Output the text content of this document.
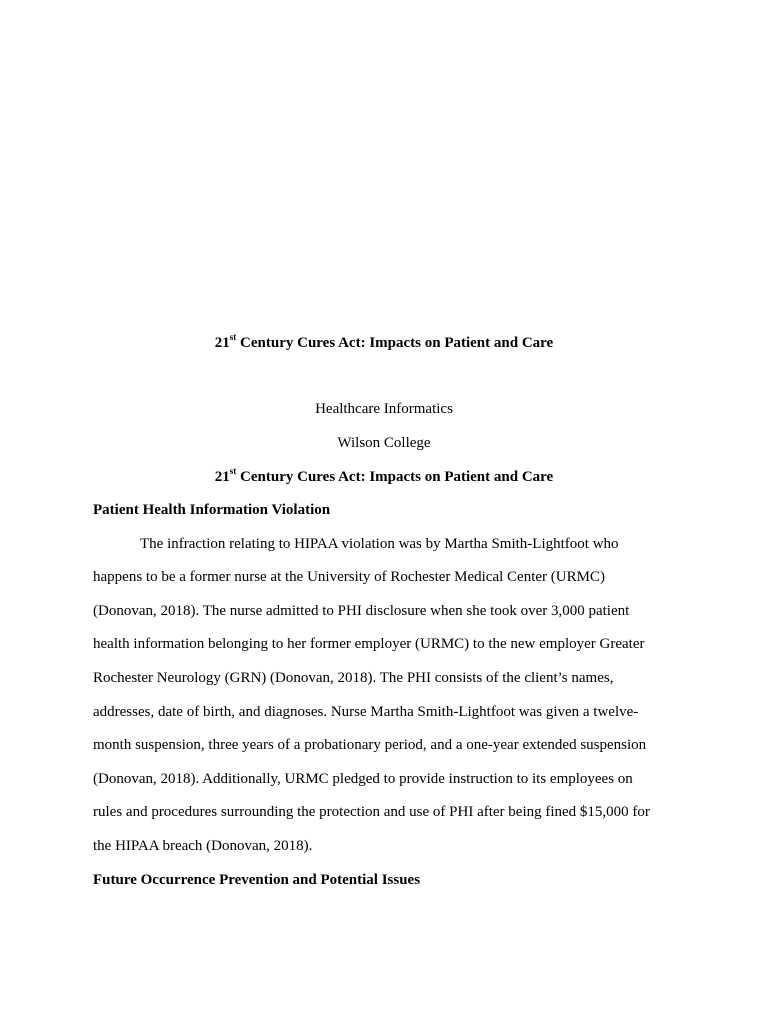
21st Century Cures Act: Impacts on Patient and Care
Healthcare Informatics
Wilson College
21st Century Cures Act: Impacts on Patient and Care
Patient Health Information Violation
The infraction relating to HIPAA violation was by Martha Smith-Lightfoot who
happens to be a former nurse at the University of Rochester Medical Center (URMC)
(Donovan, 2018). The nurse admitted to PHI disclosure when she took over 3,000 patient
health information belonging to her former employer (URMC) to the new employer Greater
Rochester Neurology (GRN) (Donovan, 2018). The PHI consists of the client’s names,
addresses, date of birth, and diagnoses. Nurse Martha Smith-Lightfoot was given a twelve-
month suspension, three years of a probationary period, and a one-year extended suspension
(Donovan, 2018). Additionally, URMC pledged to provide instruction to its employees on
rules and procedures surrounding the protection and use of PHI after being fined $15,000 for
the HIPAA breach (Donovan, 2018).
Future Occurrence Prevention and Potential Issues
